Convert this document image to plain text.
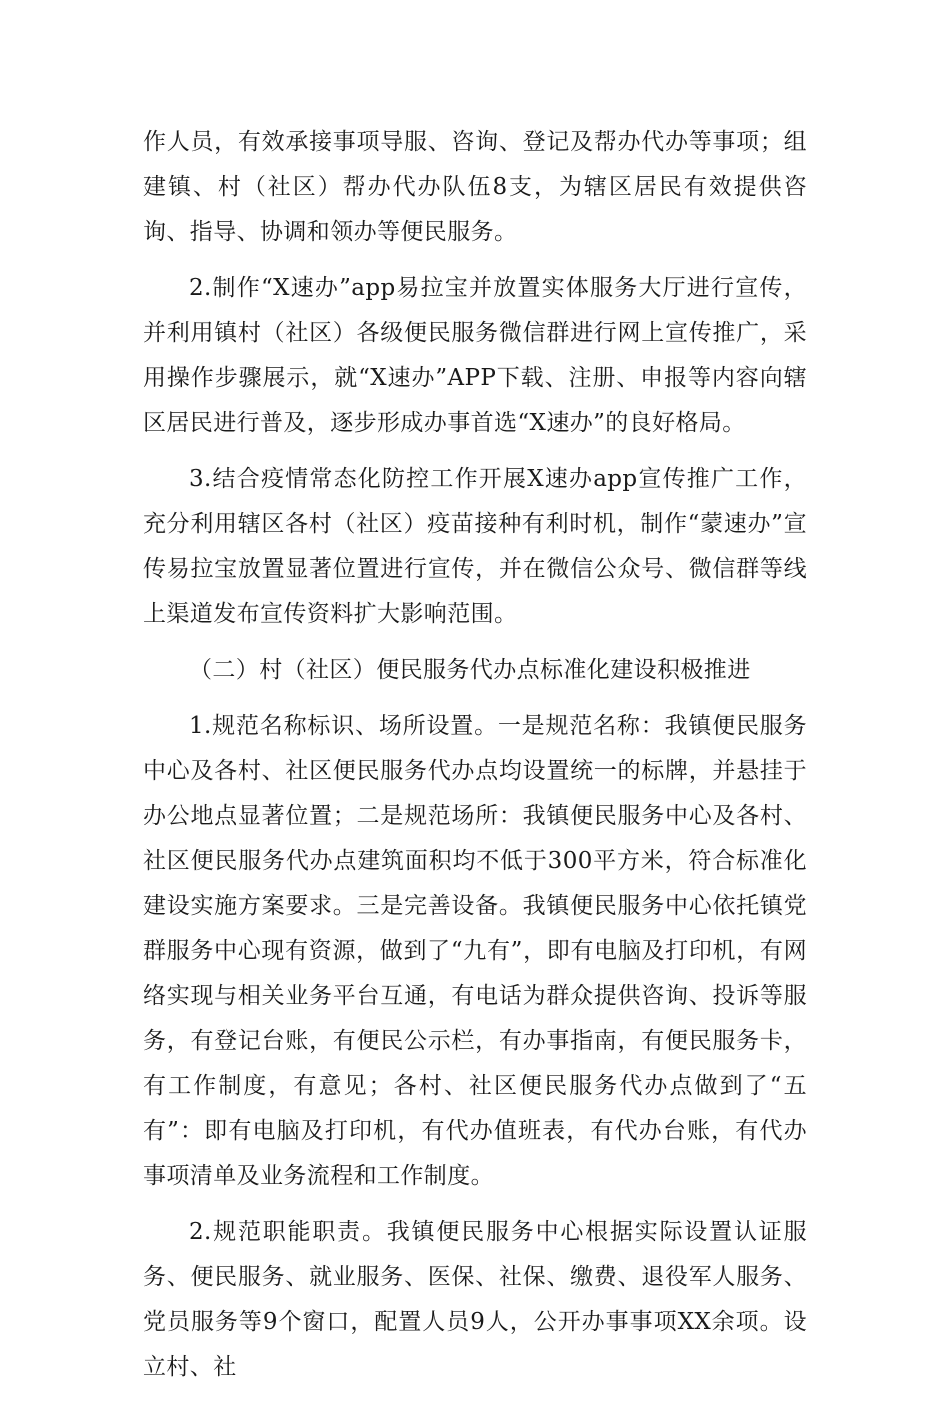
作人员，有效承接事项导服、咨询、登记及帮办代办等事项；组建镇、村（社区）帮办代办队伍8支，为辖区居民有效提供咨询、指导、协调和领办等便民服务。

2.制作“X速办”app易拉宝并放置实体服务大厅进行宣传，并利用镇村（社区）各级便民服务微信群进行网上宣传推广，采用操作步骤展示，就“X速办”APP下载、注册、申报等内容向辖区居民进行普及，逐步形成办事首选“X速办”的良好格局。

3.结合疫情常态化防控工作开展X速办app宣传推广工作，充分利用辖区各村（社区）疫苗接种有利时机，制作“蒙速办”宣传易拉宝放置显著位置进行宣传，并在微信公众号、微信群等线上渠道发布宣传资料扩大影响范围。

（二）村（社区）便民服务代办点标准化建设积极推进

1.规范名称标识、场所设置。一是规范名称：我镇便民服务中心及各村、社区便民服务代办点均设置统一的标牌，并悬挂于办公地点显著位置；二是规范场所：我镇便民服务中心及各村、社区便民服务代办点建筑面积均不低于300平方米，符合标准化建设实施方案要求。三是完善设备。我镇便民服务中心依托镇党群服务中心现有资源，做到了“九有”，即有电脑及打印机，有网络实现与相关业务平台互通，有电话为群众提供咨询、投诉等服务，有登记台账，有便民公示栏，有办事指南，有便民服务卡，有工作制度，有意见；各村、社区便民服务代办点做到了“五有”：即有电脑及打印机，有代办值班表，有代办台账，有代办事项清单及业务流程和工作制度。

2.规范职能职责。我镇便民服务中心根据实际设置认证服务、便民服务、就业服务、医保、社保、缴费、退役军人服务、党员服务等9个窗口，配置人员9人，公开办事事项XX余项。设立村、社
